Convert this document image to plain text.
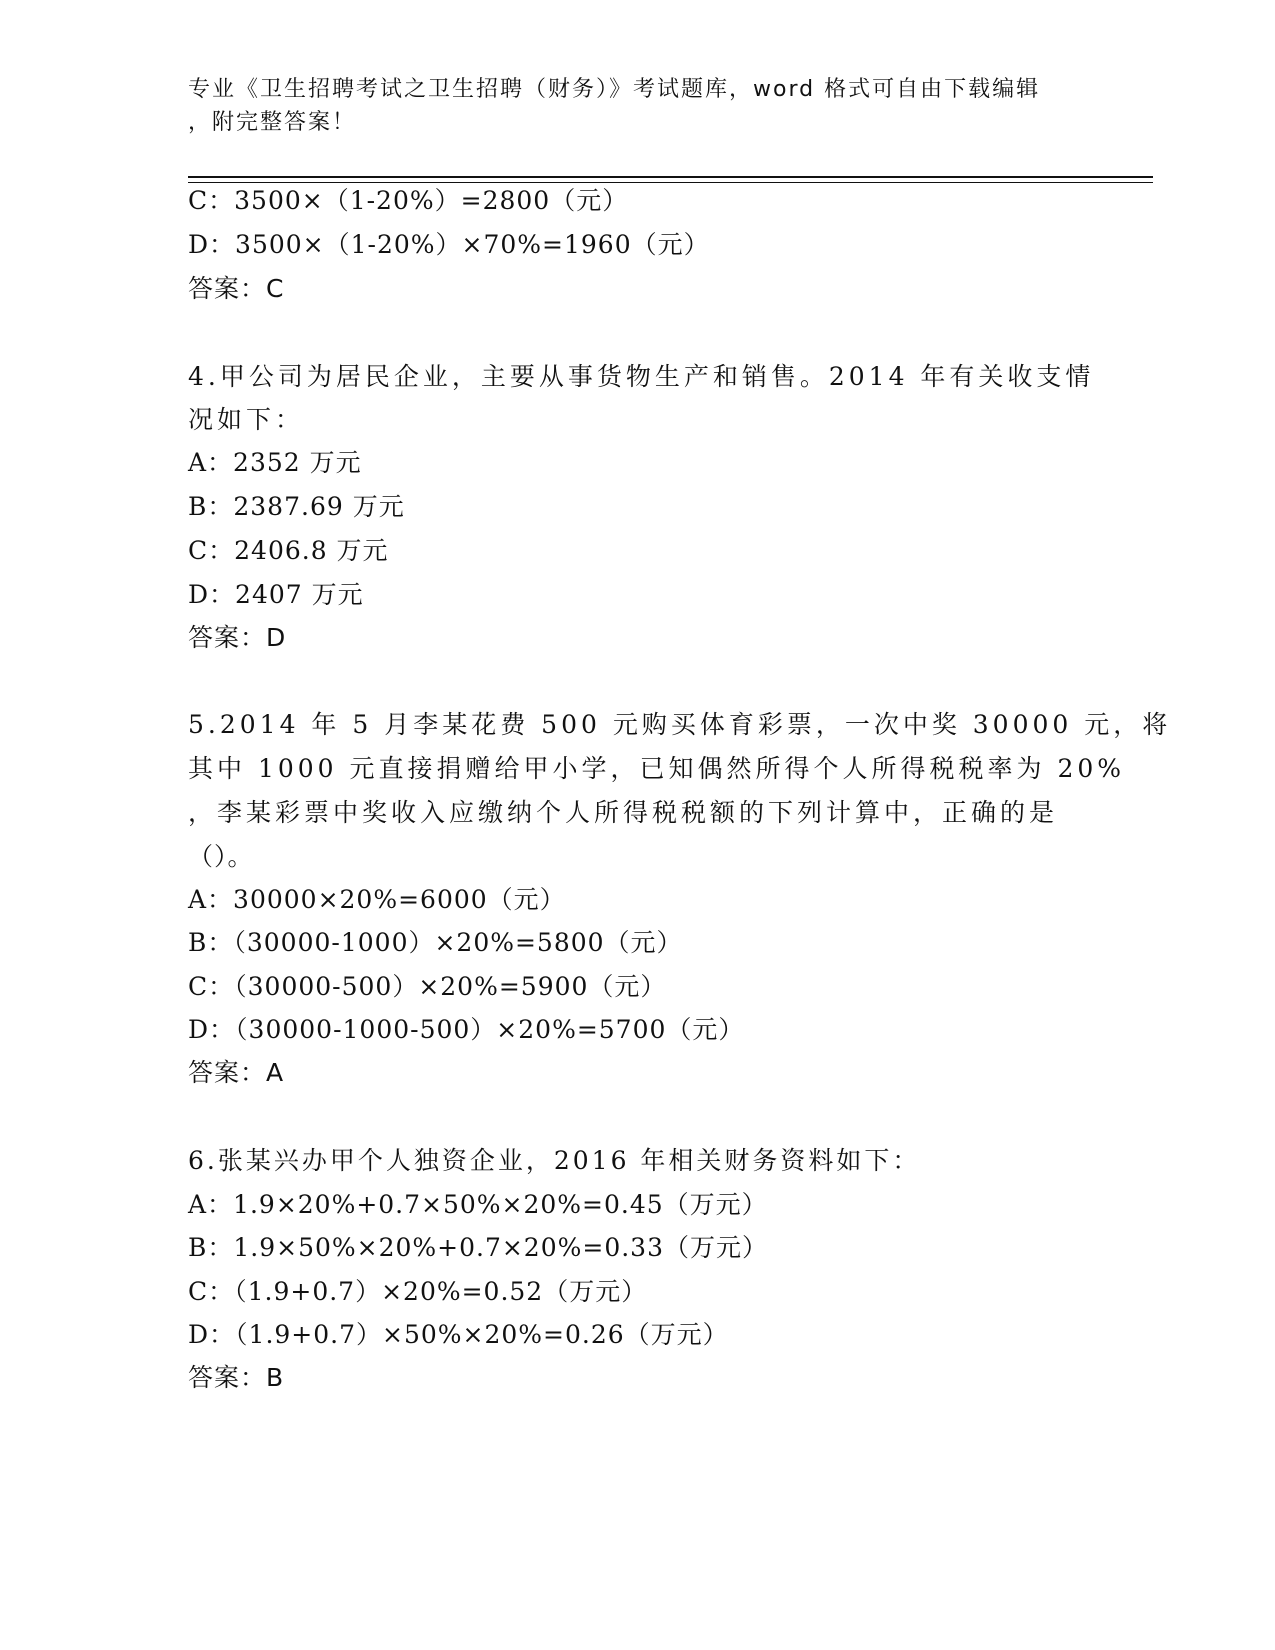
专业《卫生招聘考试之卫生招聘（财务）》考试题库，word 格式可自由下载编辑
，附完整答案！
C：3500×（1-20%）=2800（元）
D：3500×（1-20%）×70%=1960（元）
答案：C
4.甲公司为居民企业，主要从事货物生产和销售。2014 年有关收支情
况如下：
A：2352 万元
B：2387.69 万元
C：2406.8 万元
D：2407 万元
答案：D
5.2014 年 5 月李某花费 500 元购买体育彩票，一次中奖 30000 元，将
其中 1000 元直接捐赠给甲小学，已知偶然所得个人所得税税率为 20%
，李某彩票中奖收入应缴纳个人所得税税额的下列计算中，正确的是
（）。
A：30000×20%=6000（元）
B：（30000-1000）×20%=5800（元）
C：（30000-500）×20%=5900（元）
D：（30000-1000-500）×20%=5700（元）
答案：A
6.张某兴办甲个人独资企业，2016 年相关财务资料如下：
A：1.9×20%+0.7×50%×20%=0.45（万元）
B：1.9×50%×20%+0.7×20%=0.33（万元）
C：（1.9+0.7）×20%=0.52（万元）
D：（1.9+0.7）×50%×20%=0.26（万元）
答案：B
